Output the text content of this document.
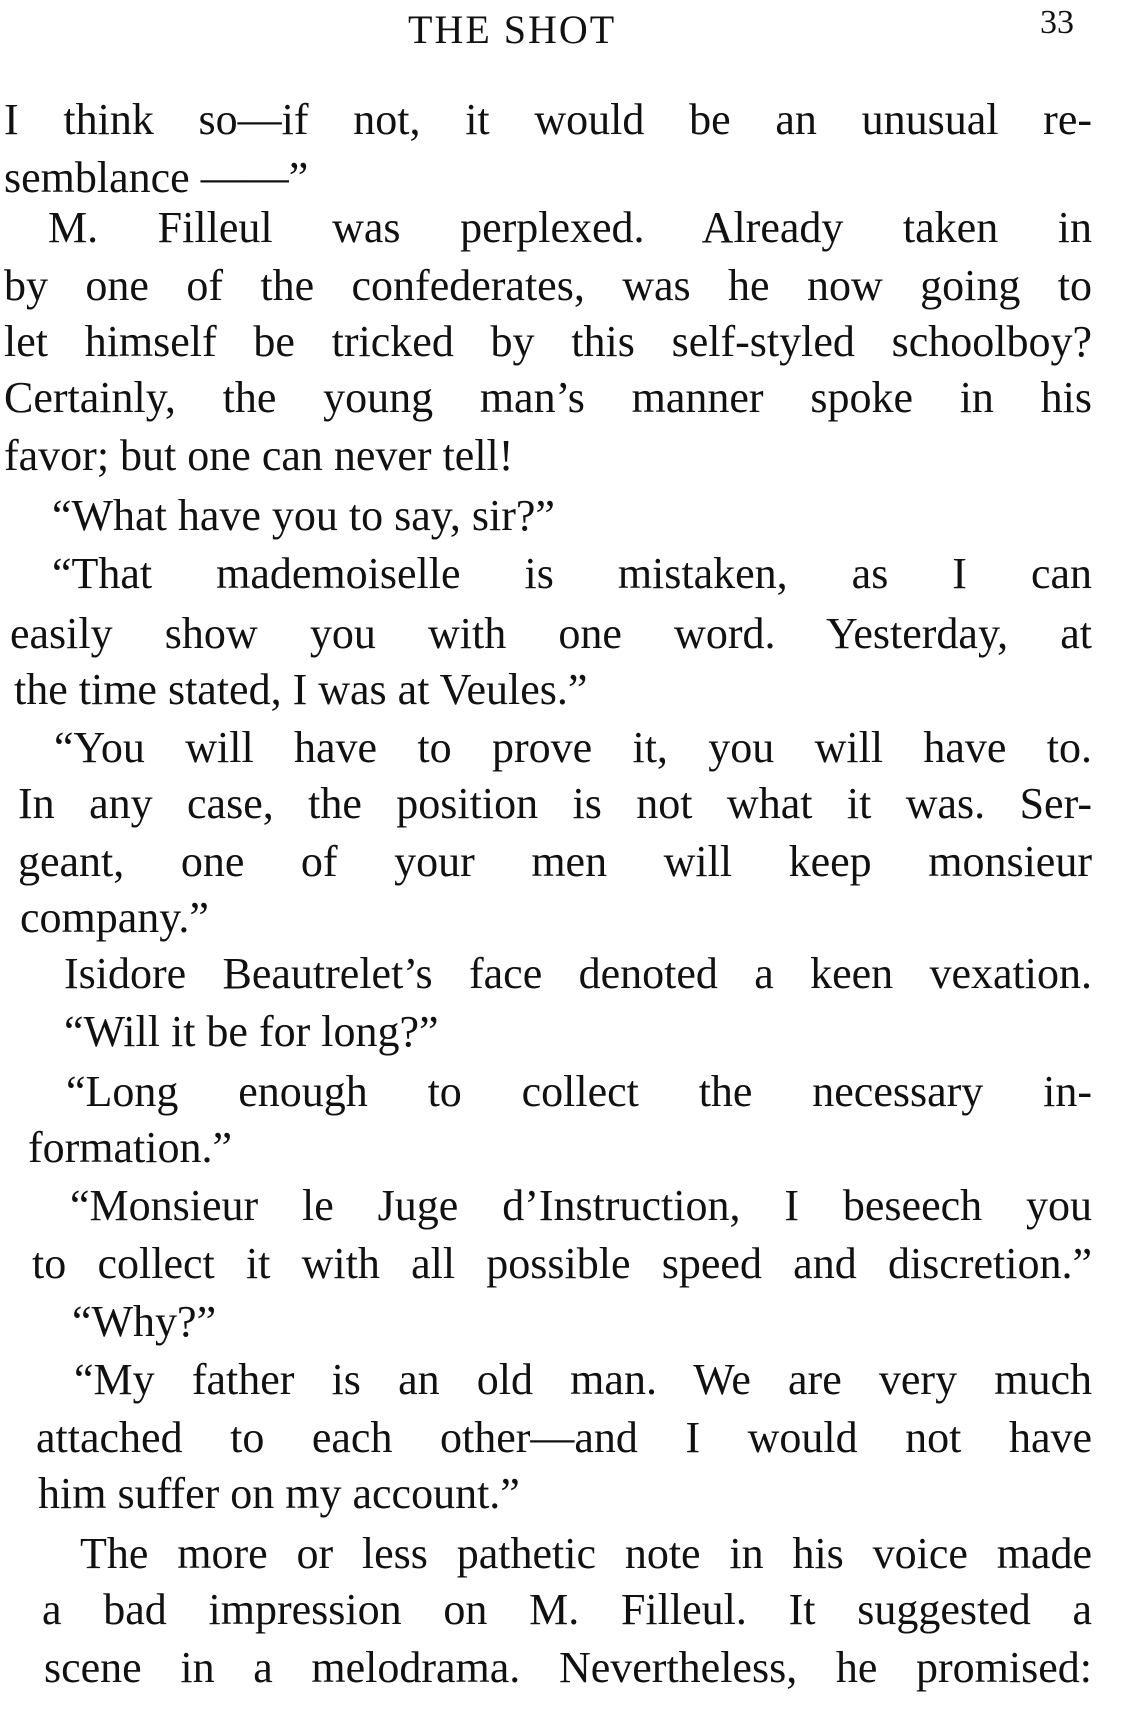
THE SHOT	33
I think so—if not, it would be an unusual re-
semblance ——”
M. Filleul was perplexed. Already taken in
by one of the confederates, was he now going to
let himself be tricked by this self-styled schoolboy?
Certainly, the young man’s manner spoke in his
favor; but one can never tell!
“What have you to say, sir?”
“That mademoiselle is mistaken, as I can
easily show you with one word. Yesterday, at
the time stated, I was at Veules.”
“You will have to prove it, you will have to.
In any case, the position is not what it was. Ser-
geant, one of your men will keep monsieur
company.”
Isidore Beautrelet’s face denoted a keen vexation.
“Will it be for long?”
“Long enough to collect the necessary in-
formation.”
“Monsieur le Juge d’Instruction, I beseech you
to collect it with all possible speed and discretion.”
“Why?”
“My father is an old man. We are very much
attached to each other—and I would not have
him suffer on my account.”
The more or less pathetic note in his voice made
a bad impression on M. Filleul. It suggested a
scene in a melodrama. Nevertheless, he promised:
